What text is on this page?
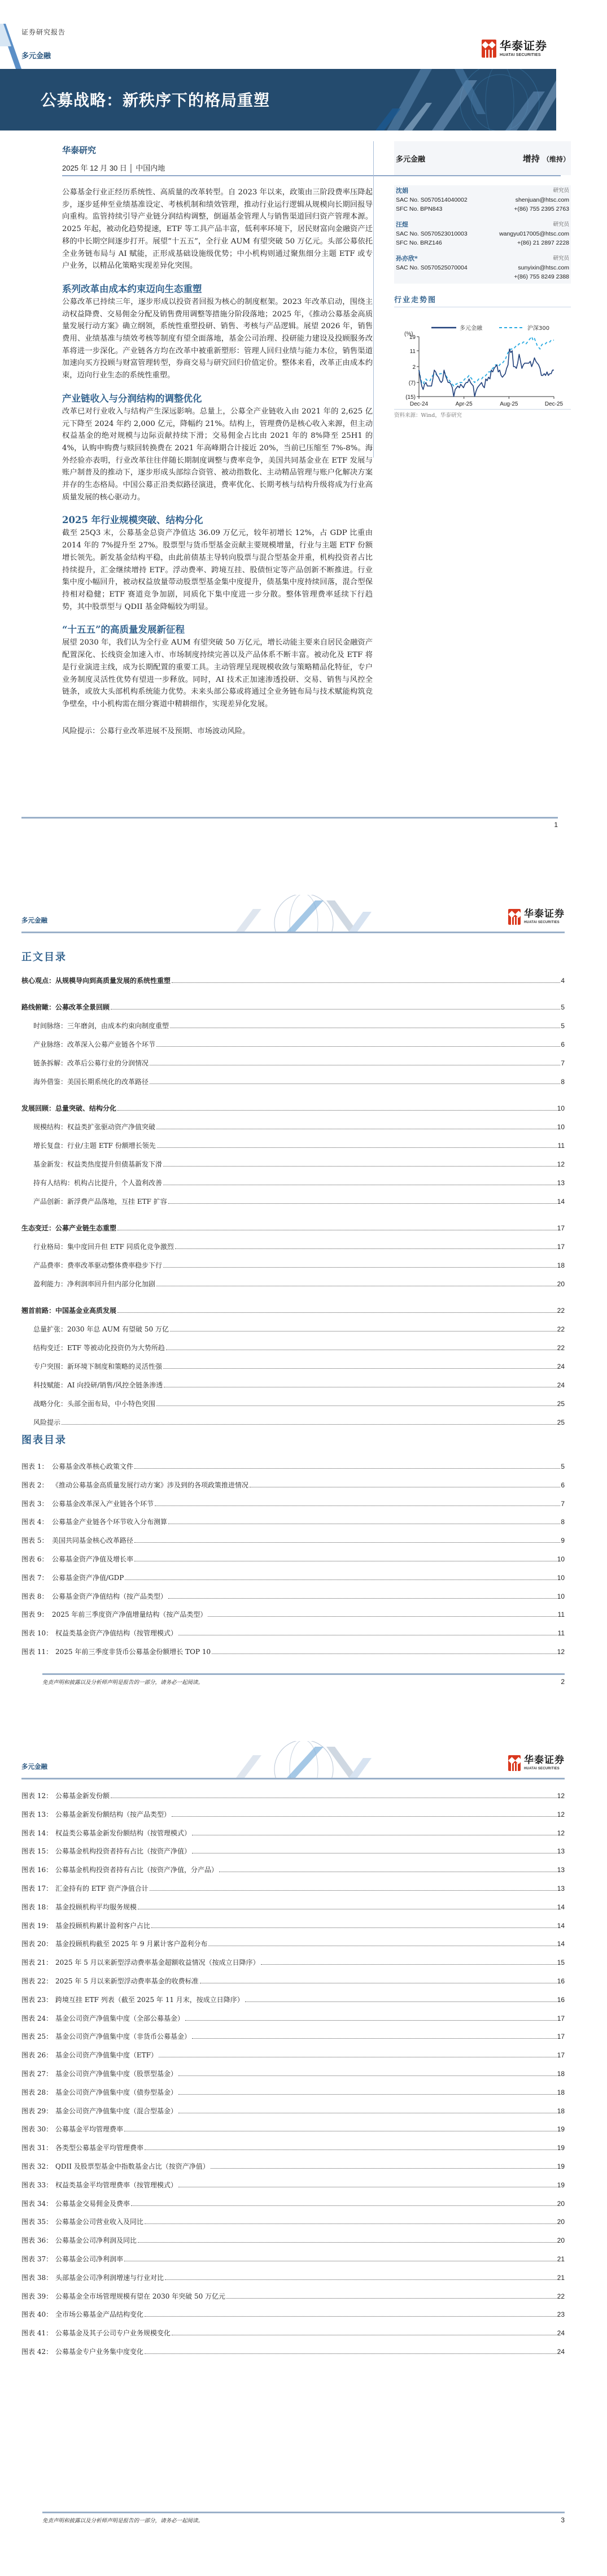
证券研究报告
多元金融
华泰证券
HUATAI SECURITIES
公募战略：新秩序下的格局重塑
华泰研究
2025 年 12 月 30 日 │ 中国内地

公募基金行业正经历系统性、高质量的改革转型。自 2023 年以来，政策由三阶段费率压降起步，逐步延伸至业绩基准设定、考核机制和绩效管理，推动行业运行逻辑从规模向长期回报导向重构。监管持续引导产业链分润结构调整，倒逼基金管理人与销售渠道回归资产管理本源。2025 年起，被动化趋势提速，ETF 等工具产品丰富，低利率环境下，居民财富向金融资产迁移的中长期空间逐步打开。展望“十五五”，全行业 AUM 有望突破 50 万亿元。头部公募依托全业务链布局与 AI 赋能，正形成基础设施级优势；中小机构则通过聚焦细分主题 ETF 或专户业务，以精品化策略实现差异化突围。

系列改革由成本约束迈向生态重塑

公募改革已持续三年，逐步形成以投资者回报为核心的制度框架。2023 年改革启动，围绕主动权益降费、交易佣金分配及销售费用调整等措施分阶段落地；2025 年，《推动公募基金高质量发展行动方案》确立纲领，系统性重塑投研、销售、考核与产品逻辑。展望 2026 年，销售费用、业绩基准与绩效考核等制度有望全面落地，基金公司治理、投研能力建设及投顾服务改革将进一步深化。产业链各方均在改革中被重新塑形：管理人回归业绩与能力本位，销售渠道加速向买方投顾与财富管理转型，券商交易与研究回归价值定价。整体来看，改革正由成本约束，迈向行业生态的系统性重塑。

产业链收入与分润结构的调整优化

改革已对行业收入与结构产生深远影响。总量上，公募全产业链收入由 2021 年的 2,625 亿元下降至 2024 年约 2,000 亿元，降幅约 21%。结构上，管理费仍是核心收入来源，但主动权益基金的绝对规模与边际贡献持续下滑；交易佣金占比由 2021 年的 8%降至 25H1 的 4%，认购申购费与赎回转换费在 2021 年高峰期合计接近 20%，当前已压缩至 7%-8%。海外经验亦表明，行业改革往往伴随长期制度调整与费率竞争，美国共同基金业在 ETF 发展与账户制普及的推动下，逐步形成头部综合资管、被动指数化、主动精品管理与账户化解决方案并存的生态格局。中国公募正沿类似路径演进，费率优化、长期考核与结构升级将成为行业高质量发展的核心驱动力。

2025 年行业规模突破、结构分化

截至 25Q3 末，公募基金总资产净值达 36.09 万亿元，较年初增长 12%，占 GDP 比重由 2014 年的 7%提升至 27%。股票型与货币型基金贡献主要规模增量，行业与主题 ETF 份额增长领先。新发基金结构平稳，由此前债基主导转向股票与混合型基金并重，机构投资者占比持续提升，汇金继续增持 ETF。浮动费率、跨境互挂、股债恒定等产品创新不断推进。行业集中度小幅回升，被动权益放量带动股票型基金集中度提升，债基集中度持续回落，混合型保持相对稳健；ETF 赛道竞争加剧，同质化下集中度进一步分散。整体管理费率延续下行趋势，其中股票型与 QDII 基金降幅较为明显。

“十五五”的高质量发展新征程

展望 2030 年，我们认为全行业 AUM 有望突破 50 万亿元，增长动能主要来自居民金融资产配置深化、长线资金加速入市、市场制度持续完善以及产品体系不断丰富。被动化及 ETF 将是行业演进主线，成为长期配置的重要工具。主动管理呈现规模收敛与策略精品化特征，专户业务制度灵活性优势有望进一步释放。同时，AI 技术正加速渗透投研、交易、销售与风控全链条，或放大头部机构系统能力优势。未来头部公募或将通过全业务链布局与技术赋能构筑竞争壁垒，中小机构需在细分赛道中精耕细作，实现差异化发展。

风险提示：公募行业改革进展不及预期、市场波动风险。

多元金融	增持 （维持）
沈娟	研究员
SAC No. S0570514040002	shenjuan@htsc.com
SFC No. BPN843	+(86) 755 2395 2763
汪煜	研究员
SAC No. S0570523010003	wangyu017005@htsc.com
SFC No. BRZ146	+(86) 21 2897 2228
孙亦欣*	研究员
SAC No. S0570525070004	sunyixin@htsc.com
+(86) 755 8249 2388
行业走势图
多元金融	沪深300
(%)
19
11
2
(7)
(15)
Dec-24	Apr-25	Aug-25	Dec-25
资料来源：Wind，华泰研究
1
多元金融
华泰证券
HUATAI SECURITIES
正文目录
核心观点：从规模导向到高质量发展的系统性重塑	4
路线俯瞰：公募改革全景回顾	5
时间脉络：三年磨剑，由成本约束向制度重塑	5
产业脉络：改革深入公募产业链各个环节	6
链条拆解：改革后公募行业的分润情况	7
海外借鉴：美国长期系统化的改革路径	8
发展回顾：总量突破、结构分化	10
规模结构：权益类扩张驱动资产净值突破	10
增长复盘：行业/主题 ETF 份额增长领先	11
基金新发：权益类热度提升但债基新发下滑	12
持有人结构：机构占比提升，个人盈利改善	13
产品创新：新浮费产品落地，互挂 ETF 扩容	14
生态变迁：公募产业链生态重塑	17
行业格局：集中度回升但 ETF 同质化竞争激烈	17
产品费率：费率改革驱动整体费率稳步下行	18
盈利能力：净利润率回升但内部分化加剧	20
翘首前路：中国基金业高质发展	22
总量扩张：2030 年总 AUM 有望破 50 万亿	22
结构变迁：ETF 等被动化投资仍为大势所趋	22
专户突围：新环境下制度和策略的灵活性强	24
科技赋能：AI 向投研/销售/风控全链条渗透	24
战略分化：头部全面布局，中小特色突围	25
风险提示	25
图表目录
图表 1： 公募基金改革核心政策文件	5
图表 2： 《推动公募基金高质量发展行动方案》涉及到的各项政策推进情况	6
图表 3： 公募基金改革深入产业链各个环节	7
图表 4： 公募基金产业链各个环节收入分布测算	8
图表 5： 美国共同基金核心改革路径	9
图表 6： 公募基金资产净值及增长率	10
图表 7： 公募基金资产净值/GDP	10
图表 8： 公募基金资产净值结构（按产品类型）	10
图表 9： 2025 年前三季度资产净值增量结构（按产品类型）	11
图表 10： 权益类基金资产净值结构（按管理模式）	11
图表 11： 2025 年前三季度非货币公募基金份额增长 TOP 10	12
免责声明和披露以及分析师声明是报告的一部分，请务必一起阅读。	2
多元金融
华泰证券
HUATAI SECURITIES
图表 12： 公募基金新发份额	12
图表 13： 公募基金新发份额结构（按产品类型）	12
图表 14： 权益类公募基金新发份额结构（按管理模式）	12
图表 15： 公募基金机构投资者持有占比（按资产净值）	13
图表 16： 公募基金机构投资者持有占比（按资产净值，分产品）	13
图表 17： 汇金持有的 ETF 资产净值合计	13
图表 18： 基金投顾机构平均服务规模	14
图表 19： 基金投顾机构累计盈利客户占比	14
图表 20： 基金投顾机构截至 2025 年 9 月累计客户盈利分布	14
图表 21： 2025 年 5 月以来新型浮动费率基金超额收益情况（按成立日降序）	15
图表 22： 2025 年 5 月以来新型浮动费率基金的收费标准	16
图表 23： 跨境互挂 ETF 列表（截至 2025 年 11 月末，按成立日降序）	16
图表 24： 基金公司资产净值集中度（全部公募基金）	17
图表 25： 基金公司资产净值集中度（非货币公募基金）	17
图表 26： 基金公司资产净值集中度（ETF）	17
图表 27： 基金公司资产净值集中度（股票型基金）	18
图表 28： 基金公司资产净值集中度（债券型基金）	18
图表 29： 基金公司资产净值集中度（混合型基金）	18
图表 30： 公募基金平均管理费率	19
图表 31： 各类型公募基金平均管理费率	19
图表 32： QDII 及股票型基金中指数基金占比（按资产净值）	19
图表 33： 权益类基金平均管理费率（按管理模式）	19
图表 34： 公募基金交易佣金及费率	20
图表 35： 公募基金公司营业收入及同比	20
图表 36： 公募基金公司净利润及同比	20
图表 37： 公募基金公司净利润率	21
图表 38： 头部基金公司净利润增速与行业对比	21
图表 39： 公募基金全市场管理规模有望在 2030 年突破 50 万亿元	22
图表 40： 全市场公募基金产品结构变化	23
图表 41： 公募基金及其子公司专户业务规模变化	24
图表 42： 公募基金专户业务集中度变化	24
免责声明和披露以及分析师声明是报告的一部分，请务必一起阅读。	3
